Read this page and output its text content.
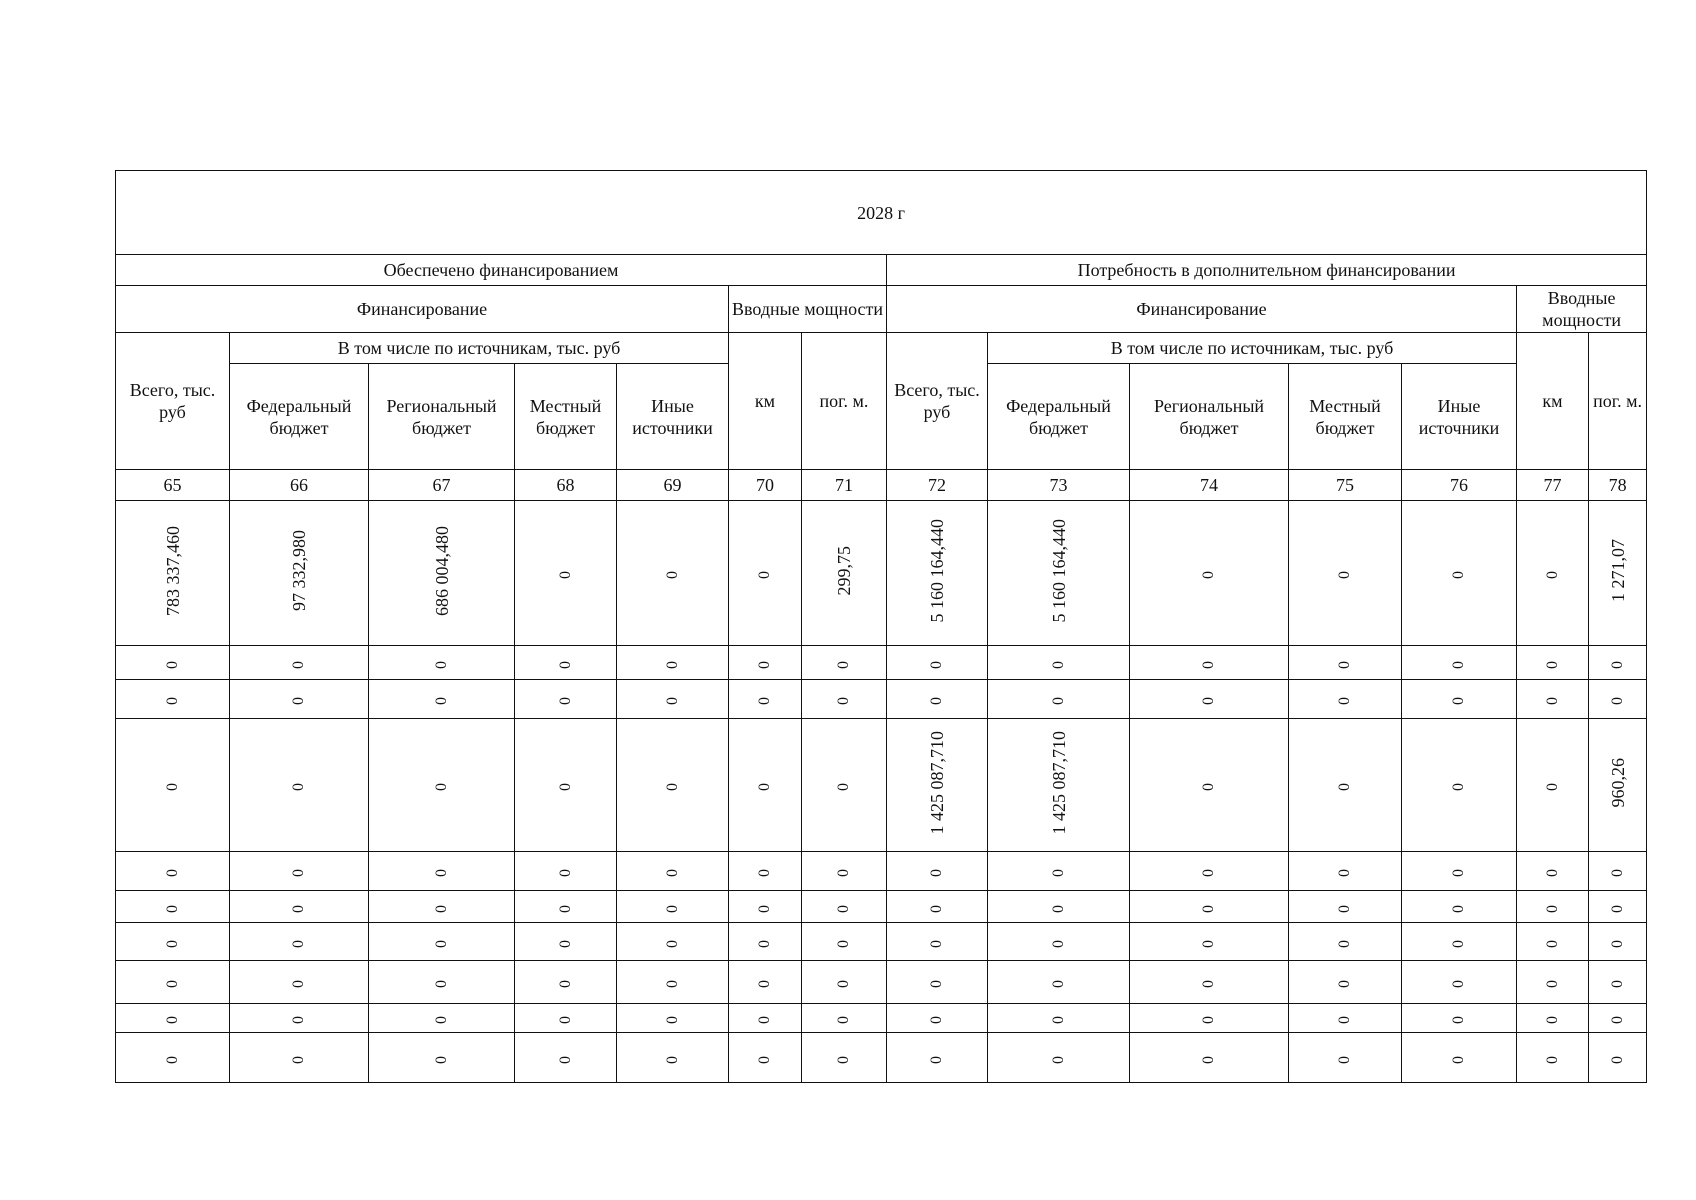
2028 г													
Обеспечено финансированием							Потребность в дополнительном финансировании						
Финансирование					Вводные мощности		Финансирование					Вводные мощности	
Всего, тыс. руб	В том числе по источникам, тыс. руб				км	пог. м.	Всего, тыс. руб	В том числе по источникам, тыс. руб				км	пог. м.
	Федеральный бюджет	Региональный бюджет	Местный бюджет	Иные источники				Федеральный бюджет	Региональный бюджет	Местный бюджет	Иные источники		
65	66	67	68	69	70	71	72	73	74	75	76	77	78
783 337,460	97 332,980	686 004,480	0	0	0	299,75	5 160 164,440	5 160 164,440	0	0	0	0	1 271,07
0	0	0	0	0	0	0	0	0	0	0	0	0	0
0	0	0	0	0	0	0	0	0	0	0	0	0	0
0	0	0	0	0	0	0	1 425 087,710	1 425 087,710	0	0	0	0	960,26
0	0	0	0	0	0	0	0	0	0	0	0	0	0
0	0	0	0	0	0	0	0	0	0	0	0	0	0
0	0	0	0	0	0	0	0	0	0	0	0	0	0
0	0	0	0	0	0	0	0	0	0	0	0	0	0
0	0	0	0	0	0	0	0	0	0	0	0	0	0
0	0	0	0	0	0	0	0	0	0	0	0	0	0
